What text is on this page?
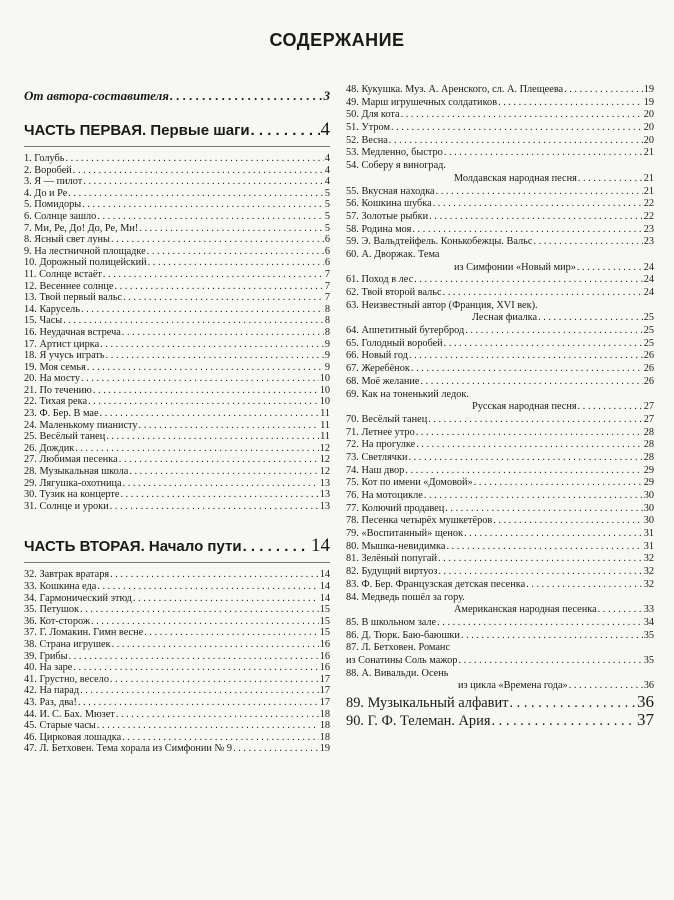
СОДЕРЖАНИЕ
От автора-составителя . . .	3
ЧАСТЬ ПЕРВАЯ. Первые шаги . . .	4
1. Голубь . . .	4
2. Воробей . . .	4
3. Я — пилот . . .	4
4. До и Ре . . .	5
5. Помидоры . . .	5
6. Солнце зашло . . .	5
7. Ми, Ре, До! До, Ре, Ми! . . .	5
8. Ясный свет луны . . .	6
9. На лестничной площадке . . .	6
10. Дорожный полицейский . . .	6
11. Солнце встаёт . . .	7
12. Весеннее солнце . . .	7
13. Твой первый вальс . . .	7
14. Карусель . . .	8
15. Часы . . .	8
16. Неудачная встреча . . .	8
17. Артист цирка . . .	9
18. Я учусь играть . . .	9
19. Моя семья . . .	9
20. На мосту . . .	10
21. По течению . . .	10
22. Тихая река . . .	10
23. Ф. Бер. В мае . . .	11
24. Маленькому пианисту . . .	11
25. Весёлый танец . . .	11
26. Дождик . . .	12
27. Любимая песенка . . .	12
28. Музыкальная школа . . .	12
29. Лягушка-охотница . . .	13
30. Тузик на концерте . . .	13
31. Солнце и уроки . . .	13
ЧАСТЬ ВТОРАЯ. Начало пути . . .	14
32. Завтрак вратаря . . .	14
33. Кошкина еда . . .	14
34. Гармонический этюд . . .	14
35. Петушок . . .	15
36. Кот-сторож . . .	15
37. Г. Ломакин. Гимн весне . . .	15
38. Страна игрушек . . .	16
39. Грибы . . .	16
40. На заре . . .	16
41. Грустно, весело . . .	17
42. На парад . . .	17
43. Раз, два! . . .	17
44. И. С. Бах. Мюзет . . .	18
45. Старые часы . . .	18
46. Цирковая лошадка . . .	18
47. Л. Бетховен. Тема хорала из Симфонии № 9 . . .	19
48. Кукушка. Муз. А. Аренского, сл. А. Плещеева . . .	19
49. Марш игрушечных солдатиков . . .	19
50. Для кота . . .	20
51. Утром . . .	20
52. Весна . . .	20
53. Медленно, быстро . . .	21
54. Соберу я виноград.
Молдавская народная песня . . .	21
55. Вкусная находка . . .	21
56. Кошкина шубка . . .	22
57. Золотые рыбки . . .	22
58. Родина моя . . .	23
59. Э. Вальдтейфель. Конькобежцы. Вальс . . .	23
60. А. Дворжак. Тема
из Симфонии «Новый мир» . . .	24
61. Поход в лес . . .	24
62. Твой второй вальс . . .	24
63. Неизвестный автор (Франция, XVI век).
Лесная фиалка . . .	25
64. Аппетитный бутерброд . . .	25
65. Голодный воробей . . .	25
66. Новый год . . .	26
67. Жеребёнок . . .	26
68. Моё желание . . .	26
69. Как на тоненький ледок.
Русская народная песня . . .	27
70. Весёлый танец . . .	27
71. Летнее утро . . .	28
72. На прогулке . . .	28
73. Светлячки . . .	28
74. Наш двор . . .	29
75. Кот по имени «Домовой» . . .	29
76. На мотоцикле . . .	30
77. Колючий продавец . . .	30
78. Песенка четырёх мушкетёров . . .	30
79. «Воспитанный» щенок . . .	31
80. Мышка-невидимка . . .	31
81. Зелёный попугай . . .	32
82. Будущий виртуоз . . .	32
83. Ф. Бер. Французская детская песенка . . .	32
84. Медведь пошёл за гору.
Американская народная песенка . . .	33
85. В школьном зале . . .	34
86. Д. Тюрк. Баю-баюшки . . .	35
87. Л. Бетховен. Романс
из Сонатины Соль мажор . . .	35
88. А. Вивальди. Осень
из цикла «Времена года» . . .	36
89. Музыкальный алфавит . . .	36
90. Г. Ф. Телеман. Ария . . .	37
